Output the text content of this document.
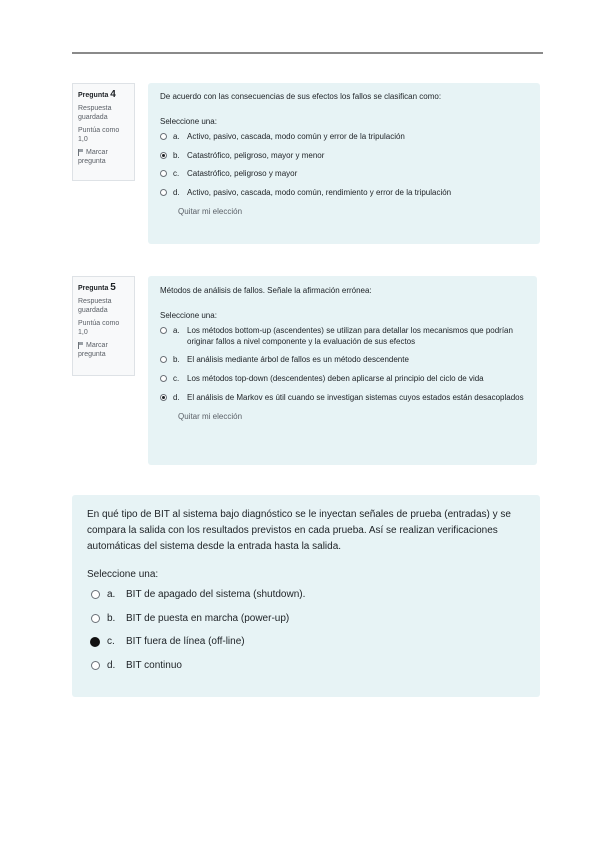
Pregunta 4
Respuesta guardada
Puntúa como 1,0
Marcar pregunta
De acuerdo con las consecuencias de sus efectos los fallos se clasifican como:
Seleccione una:
a. Activo, pasivo, cascada, modo común y error de la tripulación
b. Catastrófico, peligroso, mayor y menor
c. Catastrófico, peligroso y mayor
d. Activo, pasivo, cascada, modo común, rendimiento y error de la tripulación
Quitar mi elección
Pregunta 5
Respuesta guardada
Puntúa como 1,0
Marcar pregunta
Métodos de análisis de fallos. Señale la afirmación errónea:
Seleccione una:
a. Los métodos bottom-up (ascendentes) se utilizan para detallar los mecanismos que podrían originar fallos a nivel componente y la evaluación de sus efectos
b. El análisis mediante árbol de fallos es un método descendente
c. Los métodos top-down (descendentes) deben aplicarse al principio del ciclo de vida
d. El análisis de Markov es útil cuando se investigan sistemas cuyos estados están desacoplados
Quitar mi elección
En qué tipo de BIT al sistema bajo diagnóstico se le inyectan señales de prueba (entradas) y se compara la salida con los resultados previstos en cada prueba. Así se realizan verificaciones automáticas del sistema desde la entrada hasta la salida.
Seleccione una:
a.	BIT de apagado del sistema (shutdown).
b.	BIT de puesta en marcha (power-up)
c.	BIT fuera de línea (off-line)
d.	BIT continuo
